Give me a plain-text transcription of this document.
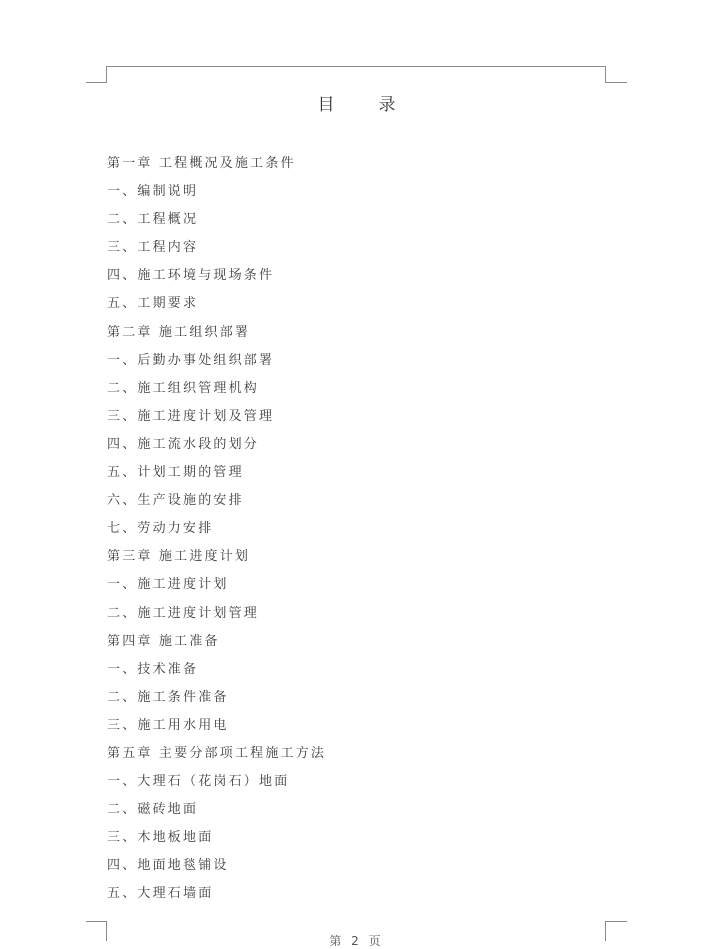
目	录
第一章 工程概况及施工条件
一、编制说明
二、工程概况
三、工程内容
四、施工环境与现场条件
五、工期要求
第二章 施工组织部署
一、后勤办事处组织部署
二、施工组织管理机构
三、施工进度计划及管理
四、施工流水段的划分
五、计划工期的管理
六、生产设施的安排
七、劳动力安排
第三章 施工进度计划
一、施工进度计划
二、施工进度计划管理
第四章 施工准备
一、技术准备
二、施工条件准备
三、施工用水用电
第五章 主要分部项工程施工方法
一、大理石（花岗石）地面
二、磁砖地面
三、木地板地面
四、地面地毯铺设
五、大理石墙面
第 2 页
